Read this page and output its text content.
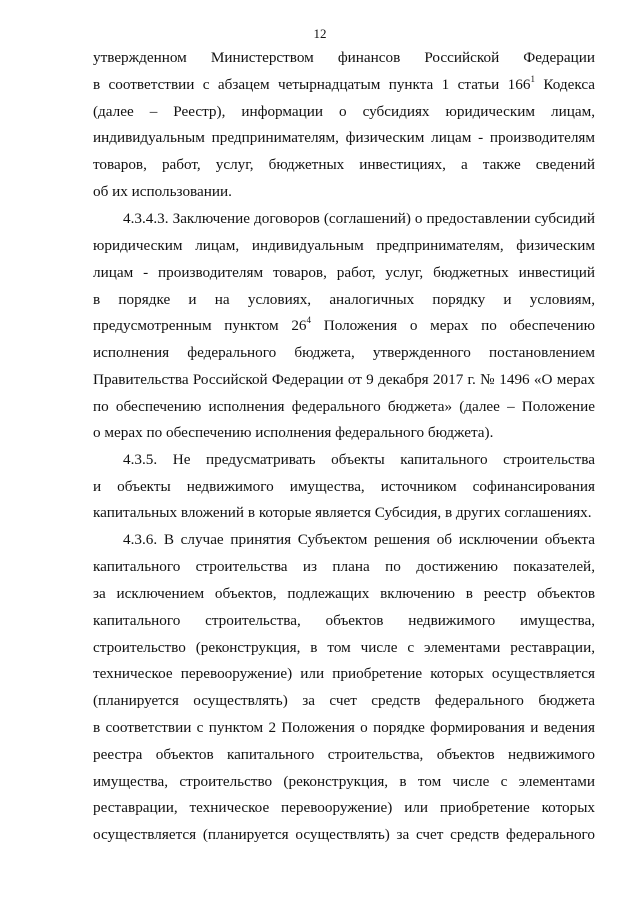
12
утвержденном Министерством финансов Российской Федерации
в соответствии с абзацем четырнадцатым пункта 1 статьи $166^1$ Кодекса
(далее – Реестр), информации о субсидиях юридическим лицам,
индивидуальным предпринимателям, физическим лицам - производителям
товаров, работ, услуг, бюджетных инвестициях, а также сведений
об их использовании.
4.3.4.3. Заключение договоров (соглашений) о предоставлении субсидий
юридическим лицам, индивидуальным предпринимателям, физическим
лицам - производителям товаров, работ, услуг, бюджетных инвестиций
в порядке и на условиях, аналогичных порядку и условиям,
предусмотренным пунктом $26^4$ Положения о мерах по обеспечению
исполнения федерального бюджета, утвержденного постановлением
Правительства Российской Федерации от 9 декабря 2017 г. № 1496 «О мерах
по обеспечению исполнения федерального бюджета» (далее – Положение
о мерах по обеспечению исполнения федерального бюджета).
4.3.5. Не предусматривать объекты капитального строительства
и объекты недвижимого имущества, источником софинансирования
капитальных вложений в которые является Субсидия, в других соглашениях.
4.3.6. В случае принятия Субъектом решения об исключении объекта
капитального строительства из плана по достижению показателей,
за исключением объектов, подлежащих включению в реестр объектов
капитального строительства, объектов недвижимого имущества,
строительство (реконструкция, в том числе с элементами реставрации,
техническое перевооружение) или приобретение которых осуществляется
(планируется осуществлять) за счет средств федерального бюджета
в соответствии с пунктом 2 Положения о порядке формирования и ведения
реестра объектов капитального строительства, объектов недвижимого
имущества, строительство (реконструкция, в том числе с элементами
реставрации, техническое перевооружение) или приобретение которых
осуществляется (планируется осуществлять) за счет средств федерального
